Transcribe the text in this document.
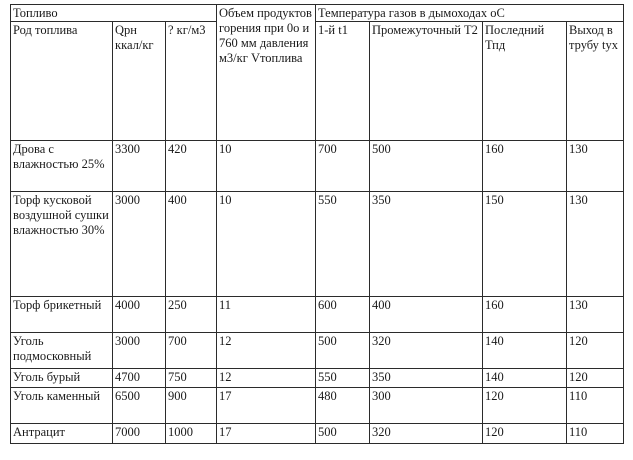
Топливо			Объем продуктов горения при 0о и 760 мм давления м3/кг Vтоплива	Температура газов в дымоходах оС			
Род топлива	Qрн ккал/кг	? кг/м3		1-й t1	Промежуточный Т2	Последний Тпд	Выход в трубу tух
Дрова с влажностью 25%	3300	420	10	700	500	160	130
Торф кусковой воздушной сушки влажностью 30%	3000	400	10	550	350	150	130
Торф брикетный	4000	250	11	600	400	160	130
Уголь подмосковный	3000	700	12	500	320	140	120
Уголь бурый	4700	750	12	550	350	140	120
Уголь каменный	6500	900	17	480	300	120	110
Антрацит	7000	1000	17	500	320	120	110
